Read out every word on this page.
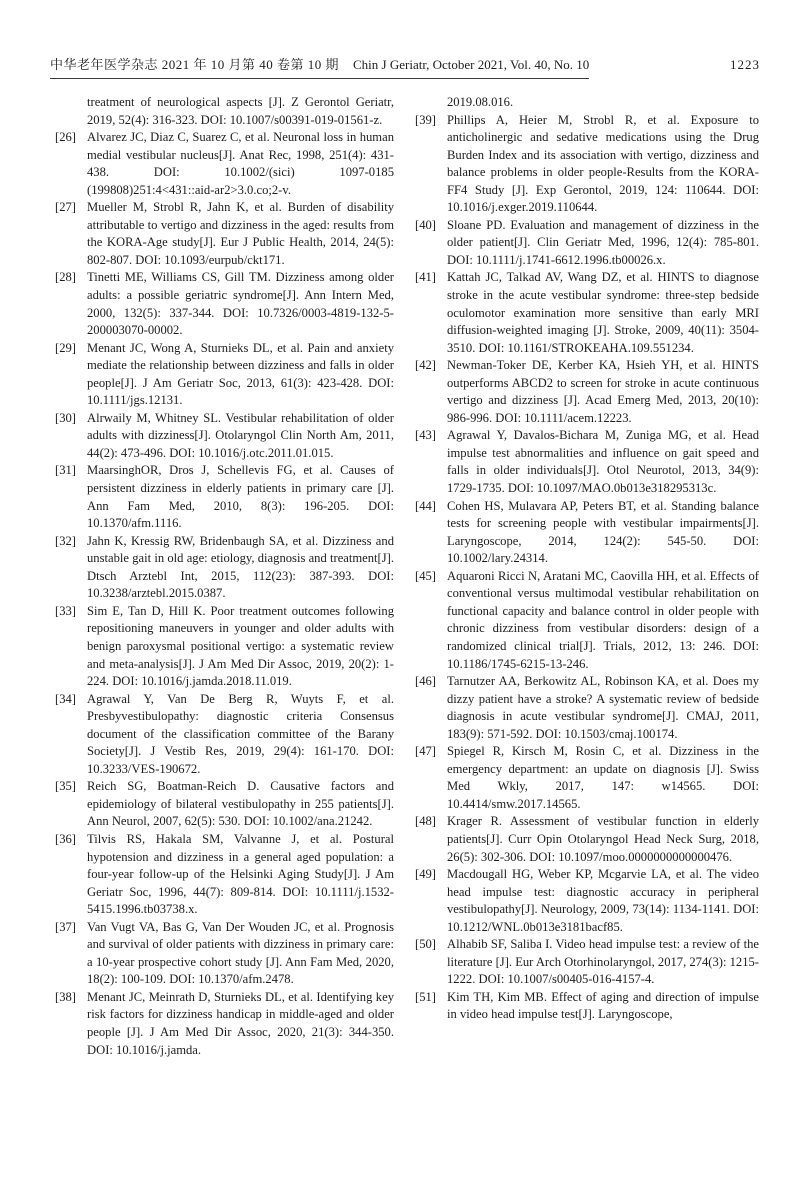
中华老年医学杂志 2021 年 10 月第 40 卷第 10 期 Chin J Geriatr, October 2021, Vol. 40, No. 10	1223

treatment of neurological aspects [J]. Z Gerontol Geriatr, 2019, 52(4): 316-323. DOI: 10.1007/s00391-019-01561-z.

[26] Alvarez JC, Diaz C, Suarez C, et al. Neuronal loss in human medial vestibular nucleus[J]. Anat Rec, 1998, 251(4): 431-438. DOI: 10.1002/(sici) 1097-0185 (199808)251:4<431::aid-ar2>3.0.co;2-v.
[27] Mueller M, Strobl R, Jahn K, et al. Burden of disability attributable to vertigo and dizziness in the aged: results from the KORA-Age study[J]. Eur J Public Health, 2014, 24(5): 802-807. DOI: 10.1093/eurpub/ckt171.
[28] Tinetti ME, Williams CS, Gill TM. Dizziness among older adults: a possible geriatric syndrome[J]. Ann Intern Med, 2000, 132(5): 337-344. DOI: 10.7326/0003-4819-132-5-200003070-00002.
[29] Menant JC, Wong A, Sturnieks DL, et al. Pain and anxiety mediate the relationship between dizziness and falls in older people[J]. J Am Geriatr Soc, 2013, 61(3): 423-428. DOI: 10.1111/jgs.12131.
[30] Alrwaily M, Whitney SL. Vestibular rehabilitation of older adults with dizziness[J]. Otolaryngol Clin North Am, 2011, 44(2): 473-496. DOI: 10.1016/j.otc.2011.01.015.
[31] MaarsinghOR, Dros J, Schellevis FG, et al. Causes of persistent dizziness in elderly patients in primary care [J]. Ann Fam Med, 2010, 8(3): 196-205. DOI: 10.1370/afm.1116.
[32] Jahn K, Kressig RW, Bridenbaugh SA, et al. Dizziness and unstable gait in old age: etiology, diagnosis and treatment[J]. Dtsch Arztebl Int, 2015, 112(23): 387-393. DOI: 10.3238/arztebl.2015.0387.
[33] Sim E, Tan D, Hill K. Poor treatment outcomes following repositioning maneuvers in younger and older adults with benign paroxysmal positional vertigo: a systematic review and meta-analysis[J]. J Am Med Dir Assoc, 2019, 20(2): 1-224. DOI: 10.1016/j.jamda.2018.11.019.
[34] Agrawal Y, Van De Berg R, Wuyts F, et al. Presbyvestibulopathy: diagnostic criteria Consensus document of the classification committee of the Barany Society[J]. J Vestib Res, 2019, 29(4): 161-170. DOI: 10.3233/VES-190672.
[35] Reich SG, Boatman-Reich D. Causative factors and epidemiology of bilateral vestibulopathy in 255 patients[J]. Ann Neurol, 2007, 62(5): 530. DOI: 10.1002/ana.21242.
[36] Tilvis RS, Hakala SM, Valvanne J, et al. Postural hypotension and dizziness in a general aged population: a four-year follow-up of the Helsinki Aging Study[J]. J Am Geriatr Soc, 1996, 44(7): 809-814. DOI: 10.1111/j.1532-5415.1996.tb03738.x.
[37] Van Vugt VA, Bas G, Van Der Wouden JC, et al. Prognosis and survival of older patients with dizziness in primary care: a 10-year prospective cohort study [J]. Ann Fam Med, 2020, 18(2): 100-109. DOI: 10.1370/afm.2478.
[38] Menant JC, Meinrath D, Sturnieks DL, et al. Identifying key risk factors for dizziness handicap in middle-aged and older people [J]. J Am Med Dir Assoc, 2020, 21(3): 344-350. DOI: 10.1016/j.jamda.

2019.08.016.

[39] Phillips A, Heier M, Strobl R, et al. Exposure to anticholinergic and sedative medications using the Drug Burden Index and its association with vertigo, dizziness and balance problems in older people-Results from the KORA-FF4 Study [J]. Exp Gerontol, 2019, 124: 110644. DOI: 10.1016/j.exger.2019.110644.
[40] Sloane PD. Evaluation and management of dizziness in the older patient[J]. Clin Geriatr Med, 1996, 12(4): 785-801. DOI: 10.1111/j.1741-6612.1996.tb00026.x.
[41] Kattah JC, Talkad AV, Wang DZ, et al. HINTS to diagnose stroke in the acute vestibular syndrome: three-step bedside oculomotor examination more sensitive than early MRI diffusion-weighted imaging [J]. Stroke, 2009, 40(11): 3504-3510. DOI: 10.1161/STROKEAHA.109.551234.
[42] Newman-Toker DE, Kerber KA, Hsieh YH, et al. HINTS outperforms ABCD2 to screen for stroke in acute continuous vertigo and dizziness [J]. Acad Emerg Med, 2013, 20(10): 986-996. DOI: 10.1111/acem.12223.
[43] Agrawal Y, Davalos-Bichara M, Zuniga MG, et al. Head impulse test abnormalities and influence on gait speed and falls in older individuals[J]. Otol Neurotol, 2013, 34(9): 1729-1735. DOI: 10.1097/MAO.0b013e318295313c.
[44] Cohen HS, Mulavara AP, Peters BT, et al. Standing balance tests for screening people with vestibular impairments[J]. Laryngoscope, 2014, 124(2): 545-50. DOI: 10.1002/lary.24314.
[45] Aquaroni Ricci N, Aratani MC, Caovilla HH, et al. Effects of conventional versus multimodal vestibular rehabilitation on functional capacity and balance control in older people with chronic dizziness from vestibular disorders: design of a randomized clinical trial[J]. Trials, 2012, 13: 246. DOI: 10.1186/1745-6215-13-246.
[46] Tarnutzer AA, Berkowitz AL, Robinson KA, et al. Does my dizzy patient have a stroke? A systematic review of bedside diagnosis in acute vestibular syndrome[J]. CMAJ, 2011, 183(9): 571-592. DOI: 10.1503/cmaj.100174.
[47] Spiegel R, Kirsch M, Rosin C, et al. Dizziness in the emergency department: an update on diagnosis [J]. Swiss Med Wkly, 2017, 147: w14565. DOI: 10.4414/smw.2017.14565.
[48] Krager R. Assessment of vestibular function in elderly patients[J]. Curr Opin Otolaryngol Head Neck Surg, 2018, 26(5): 302-306. DOI: 10.1097/moo.0000000000000476.
[49] Macdougall HG, Weber KP, Mcgarvie LA, et al. The video head impulse test: diagnostic accuracy in peripheral vestibulopathy[J]. Neurology, 2009, 73(14): 1134-1141. DOI: 10.1212/WNL.0b013e3181bacf85.
[50] Alhabib SF, Saliba I. Video head impulse test: a review of the literature [J]. Eur Arch Otorhinolaryngol, 2017, 274(3): 1215-1222. DOI: 10.1007/s00405-016-4157-4.
[51] Kim TH, Kim MB. Effect of aging and direction of impulse in video head impulse test[J]. Laryngoscope,
